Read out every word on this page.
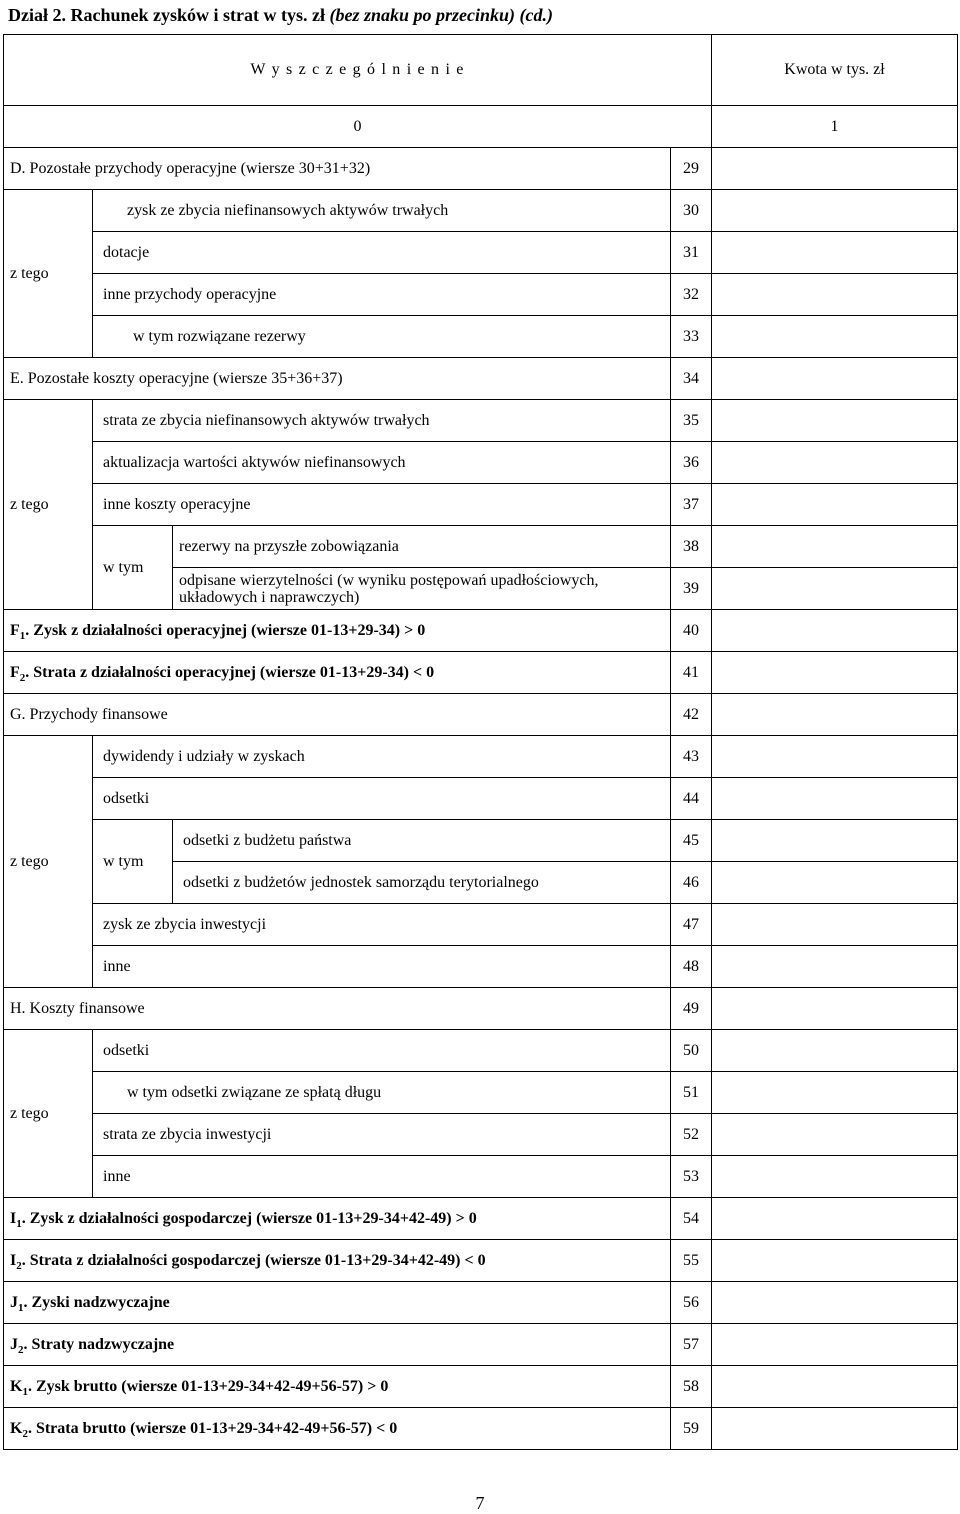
Dział 2. Rachunek zysków i strat w tys. zł (bez znaku po przecinku) (cd.)
W y s z c z e g ó l n i e n i e				Kwota w tys. zł
0				1
D. Pozostałe przychody operacyjne (wiersze 30+31+32)			29	
z tego	zysk ze zbycia niefinansowych aktywów trwałych		30	
	dotacje		31	
	inne przychody operacyjne		32	
	w tym rozwiązane rezerwy		33	
E. Pozostałe koszty operacyjne (wiersze 35+36+37)			34	
z tego	strata ze zbycia niefinansowych aktywów trwałych		35	
	aktualizacja wartości aktywów niefinansowych		36	
	inne koszty operacyjne		37	
	w tym	rezerwy na przyszłe zobowiązania	38	
		odpisane wierzytelności (w wyniku postępowań upadłościowych, układowych i naprawczych)	39	
$F_1$. Zysk z działalności operacyjnej (wiersze 01-13+29-34) > 0			40	
$F_2$. Strata z działalności operacyjnej (wiersze 01-13+29-34) < 0			41	
G. Przychody finansowe			42	
z tego	dywidendy i udziały w zyskach		43	
	odsetki		44	
	w tym	odsetki z budżetu państwa	45	
		odsetki z budżetów jednostek samorządu terytorialnego	46	
	zysk ze zbycia inwestycji		47	
	inne		48	
H. Koszty finansowe			49	
z tego	odsetki		50	
	w tym odsetki związane ze spłatą długu		51	
	strata ze zbycia inwestycji		52	
	inne		53	
$I_1$. Zysk z działalności gospodarczej (wiersze 01-13+29-34+42-49) > 0			54	
$I_2$. Strata z działalności gospodarczej (wiersze 01-13+29-34+42-49) < 0			55	
$J_1$. Zyski nadzwyczajne			56	
$J_2$. Straty nadzwyczajne			57	
$K_1$. Zysk brutto (wiersze 01-13+29-34+42-49+56-57) > 0			58	
$K_2$. Strata brutto (wiersze 01-13+29-34+42-49+56-57) < 0			59	
7
